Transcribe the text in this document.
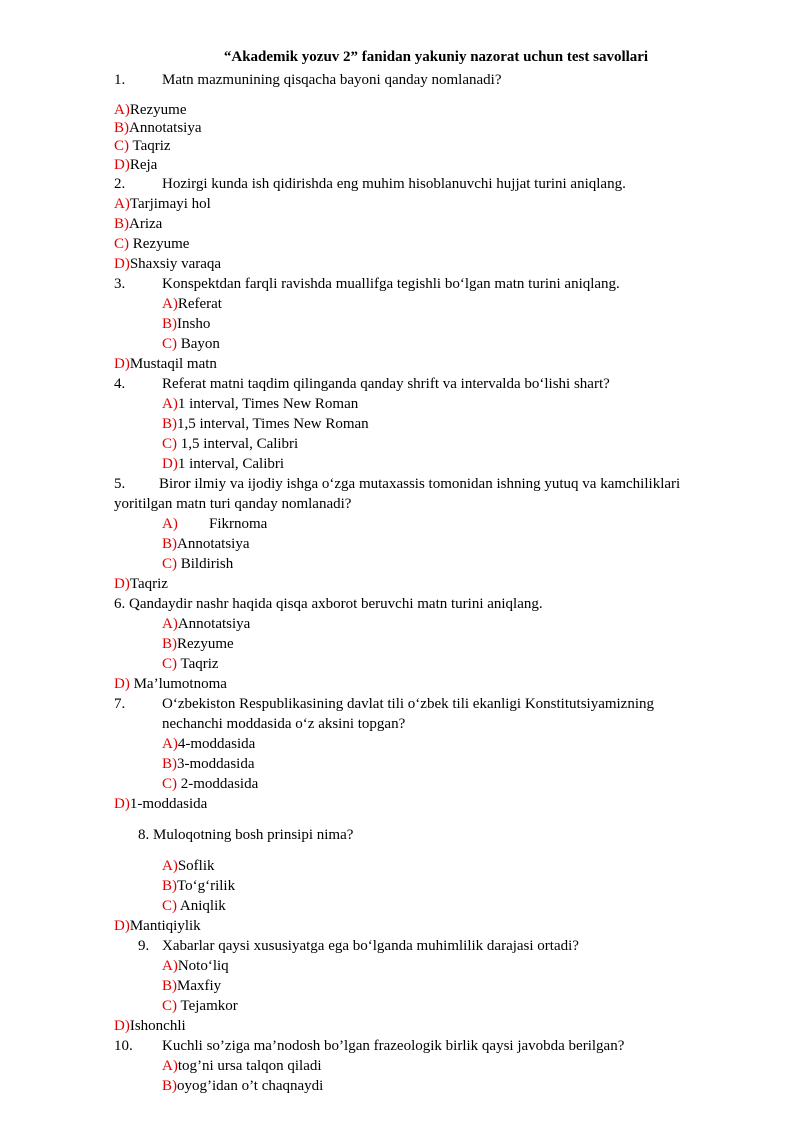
“Akademik yozuv 2” fanidan yakuniy nazorat uchun test savollari
1. Matn mazmunining qisqacha bayoni qanday nomlanadi?
A)Rezyume
B)Annotatsiya
C) Taqriz
D)Reja
2. Hozirgi kunda ish qidirishda eng muhim hisoblanuvchi hujjat turini aniqlang.
A)Tarjimayi hol
B)Ariza
C) Rezyume
D)Shaxsiy varaqa
3. Konspektdan farqli ravishda muallifga tegishli bo‘lgan matn turini aniqlang.
A)Referat
B)Insho
C) Bayon
D)Mustaqil matn
4. Referat matni taqdim qilinganda qanday shrift va intervalda bo‘lishi shart?
A)1 interval, Times New Roman
B)1,5 interval, Times New Roman
C) 1,5 interval, Calibri
D)1 interval, Calibri
5. Biror ilmiy va ijodiy ishga o‘zga mutaxassis tomonidan ishning yutuq va kamchiliklari
yoritilgan matn turi qanday nomlanadi?
A) Fikrnoma
B)Annotatsiya
C) Bildirish
D)Taqriz
6. Qandaydir nashr haqida qisqa axborot beruvchi matn turini aniqlang.
A)Annotatsiya
B)Rezyume
C) Taqriz
D) Ma’lumotnoma
7. O‘zbekiston Respublikasining davlat tili o‘zbek tili ekanligi Konstitutsiyamizning
nechanchi moddasida o‘z aksini topgan?
A)4-moddasida
B)3-moddasida
C) 2-moddasida
D)1-moddasida
8. Muloqotning bosh prinsipi nima?
A)Soflik
B)To‘g‘rilik
C) Aniqlik
D)Mantiqiylik
9. Xabarlar qaysi xususiyatga ega bo‘lganda muhimlilik darajasi ortadi?
A)Noto‘liq
B)Maxfiy
C) Tejamkor
D)Ishonchli
10. Kuchli so’ziga ma’nodosh bo’lgan frazeologik birlik qaysi javobda berilgan?
A)tog’ni ursa talqon qiladi
B)oyog’idan o’t chaqnaydi
